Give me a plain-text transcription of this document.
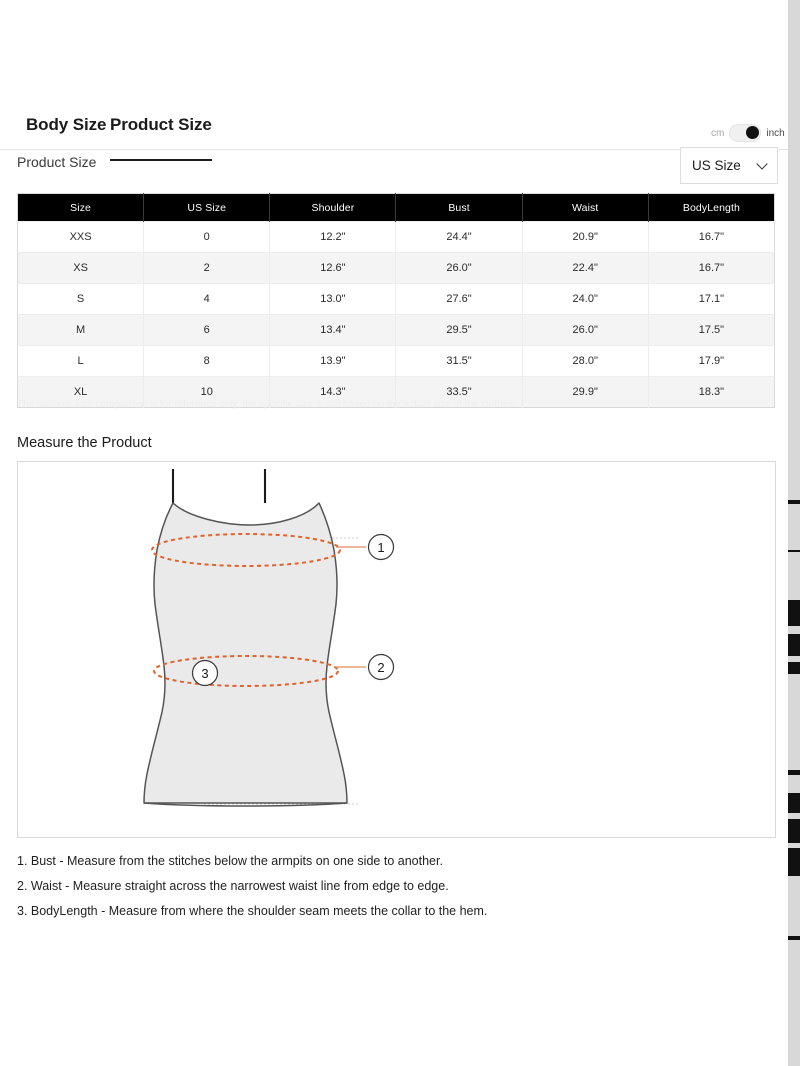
Body Size Product Size	cm	inch
Product Size	US Size
Size	US Size	Shoulder	Bust	Waist	BodyLength
XXS	0	12.2"	24.4"	20.9"	16.7"
XS	2	12.6"	26.0"	22.4"	16.7"
S	4	13.0"	27.6"	24.0"	17.1"
M	6	13.4"	29.5"	26.0"	17.5"
L	8	13.9"	31.5"	28.0"	17.9"
XL	10	14.3"	33.5"	29.9"	18.3"
The national size comparison is for reference only, the specific size is still based on the actual size of the clothes.
Measure the Product
1
2
3
1. Bust - Measure from the stitches below the armpits on one side to another.
2. Waist - Measure straight across the narrowest waist line from edge to edge.
3. BodyLength - Measure from where the shoulder seam meets the collar to the hem.
